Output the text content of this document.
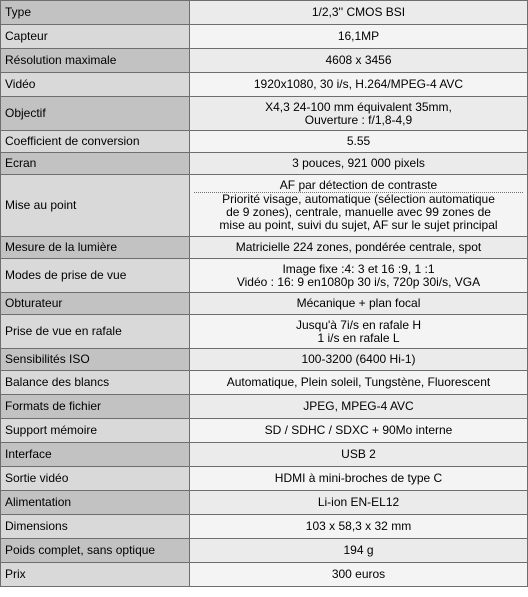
Type	1/2,3'' CMOS BSI
Capteur	16,1MP
Résolution maximale	4608 x 3456
Vidéo	1920x1080, 30 i/s, H.264/MPEG-4 AVC
Objectif	X4,3 24-100 mm équivalent 35mm,
Ouverture : f/1,8-4,9

Coefficient de conversion	5.55
Ecran	3 pouces, 921 000 pixels
Mise au point	AF par détection de contraste
Priorité visage, automatique (sélection automatique
de 9 zones), centrale, manuelle avec 99 zones de
mise au point, suivi du sujet, AF sur le sujet principal

Mesure de la lumière	Matricielle 224 zones, pondérée centrale, spot
Modes de prise de vue	Image fixe :4: 3 et 16 :9, 1 :1
Vidéo : 16: 9 en1080p 30 i/s, 720p 30i/s, VGA

Obturateur	Mécanique + plan focal
Prise de vue en rafale	Jusqu'à 7i/s en rafale H
1 i/s en rafale L

Sensibilités ISO	100-3200 (6400 Hi-1)
Balance des blancs	Automatique, Plein soleil, Tungstène, Fluorescent
Formats de fichier	JPEG, MPEG-4 AVC
Support mémoire	SD / SDHC / SDXC + 90Mo interne
Interface	USB 2
Sortie vidéo	HDMI à mini-broches de type C
Alimentation	Li-ion EN-EL12
Dimensions	103 x 58,3 x 32 mm
Poids complet, sans optique	194 g
Prix	300 euros
